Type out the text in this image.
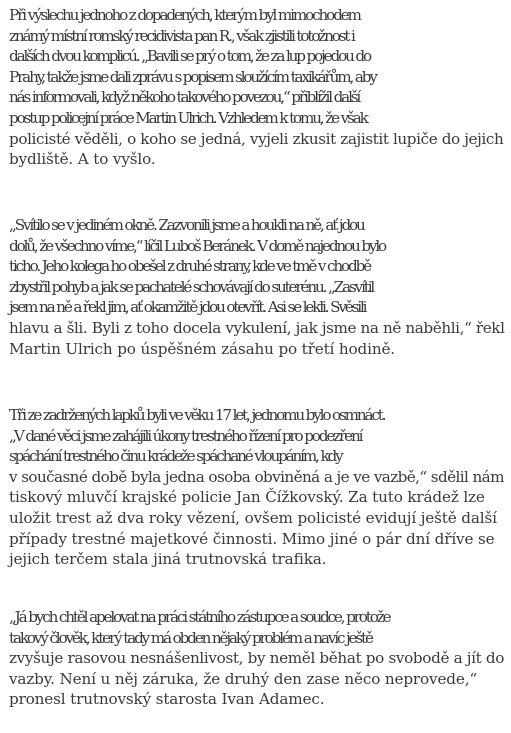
Při výslechu jednoho z dopadených, kterým byl mimochodem
známý místní romský recidivista pan R., však zjistili totožnost i
dalších dvou komplicú. „Bavili se prý o tom, že za lup pojedou do
Prahy, takže jsme dali zprávu s popisem sloužícím taxikářům, aby
nás informovali, když někoho takového povezou,“ přiblížil další
postup policejní práce Martin Ulrich. Vzhledem k tomu, že však
policisté věděli, o koho se jedná, vyjeli zkusit zajistit lupiče do jejich
bydliště. A to vyšlo.

„Svítilo se v jediném okně. Zazvonili jsme a houkli na ně, ať jdou
dolů, že všechno víme,“ líčil Luboš Beránek. V domě najednou bylo
ticho. Jeho kolega ho obešel z druhé strany, kde ve tmě v chodbě
zbystřil pohyb a jak se pachatelé schovávají do suterénu. „Zasvítil
jsem na ně a řekl jim, ať okamžitě jdou otevřít. Asi se lekli. Svěsili
hlavu a šli. Byli z toho docela vykulení, jak jsme na ně naběhli,“ řekl
Martin Ulrich po úspěšném zásahu po třetí hodině.

Tři ze zadržených lapků byli ve věku 17 let, jednomu bylo osmnáct.
„V dané věci jsme zahájili úkony trestného řízení pro podezření
spáchání trestného činu krádeže spáchané vloupáním, kdy
v současné době byla jedna osoba obviněná a je ve vazbě,“ sdělil nám
tiskový mluvčí krajské policie Jan Čížkovský. Za tuto krádež lze
uložit trest až dva roky vězení, ovšem policisté evidují ještě další
případy trestné majetkové činnosti. Mimo jiné o pár dní dříve se
jejich terčem stala jiná trutnovská trafika.

„Já bych chtěl apelovat na práci státního zástupce a soudce, protože
takový člověk, který tady má obden nějaký problém a navíc ještě
zvyšuje rasovou nesnášenlivost, by neměl běhat po svobodě a jít do
vazby. Není u něj záruka, že druhý den zase něco neprovede,“
pronesl trutnovský starosta Ivan Adamec.
